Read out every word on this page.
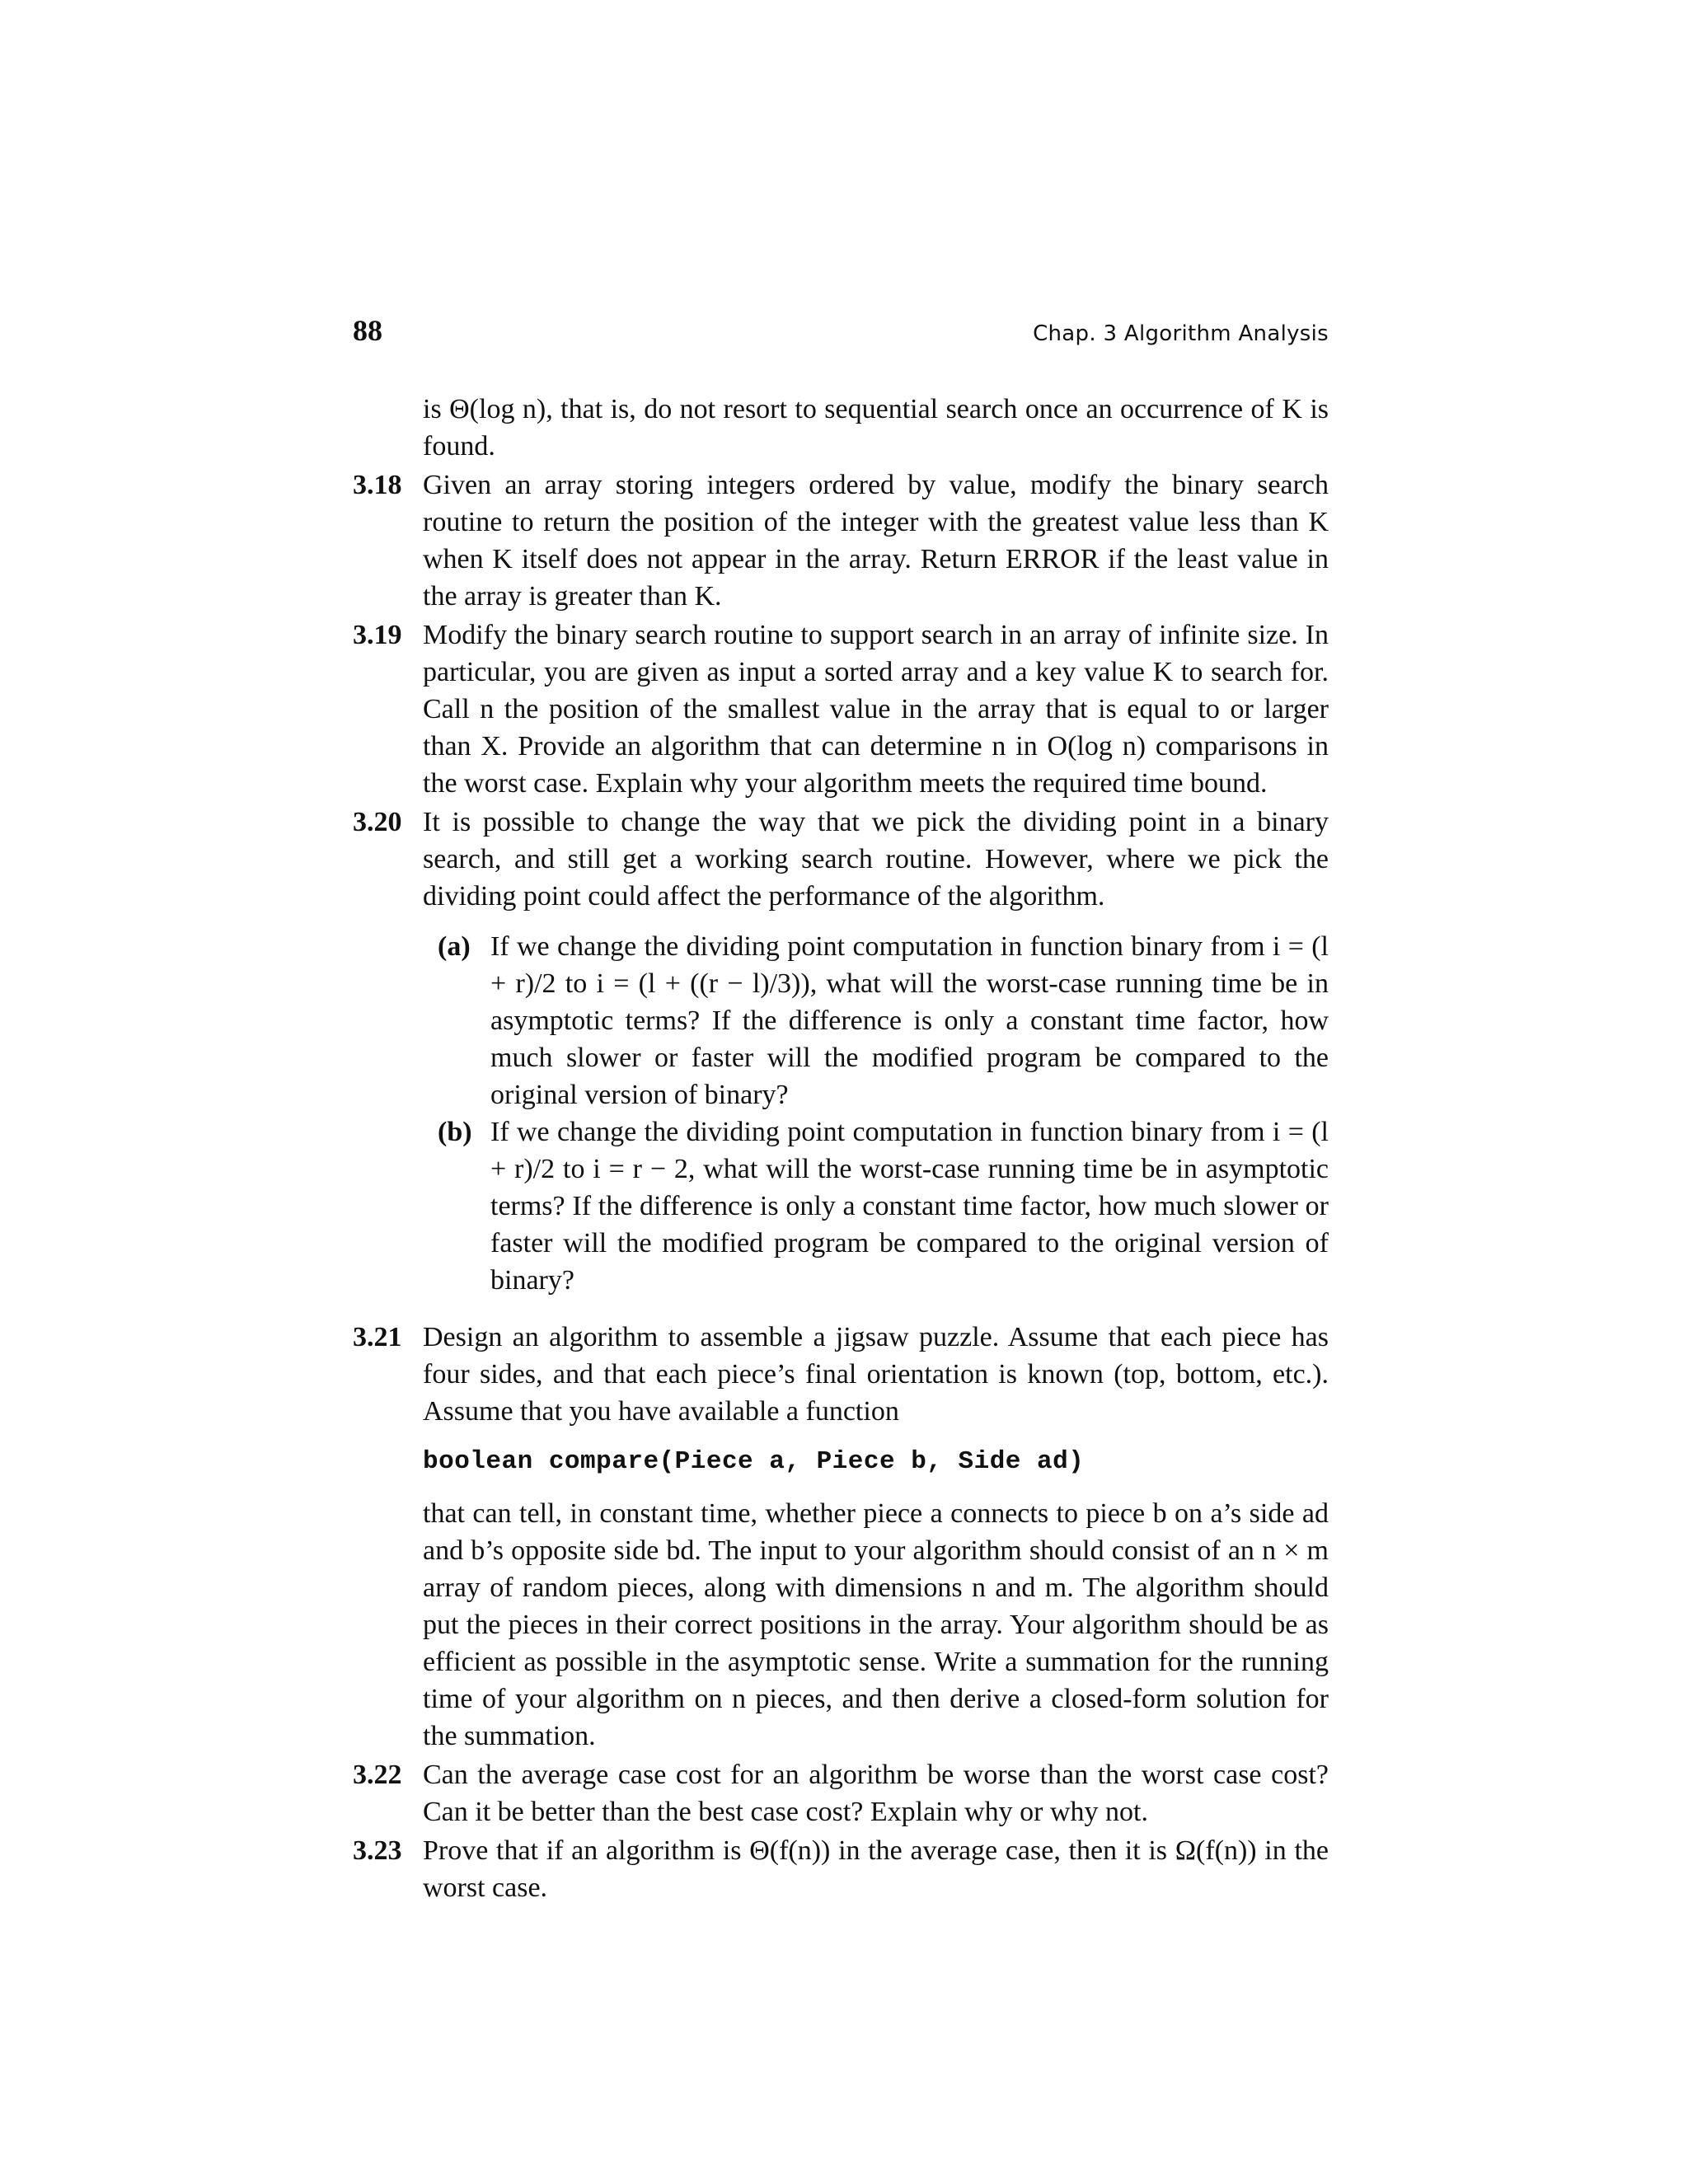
88	Chap. 3 Algorithm Analysis

is Θ(log n), that is, do not resort to sequential search once an occurrence of K is found.

3.18 Given an array storing integers ordered by value, modify the binary search routine to return the position of the integer with the greatest value less than K when K itself does not appear in the array. Return ERROR if the least value in the array is greater than K.

3.19 Modify the binary search routine to support search in an array of infinite size. In particular, you are given as input a sorted array and a key value K to search for. Call n the position of the smallest value in the array that is equal to or larger than X. Provide an algorithm that can determine n in O(log n) comparisons in the worst case. Explain why your algorithm meets the required time bound.

3.20 It is possible to change the way that we pick the dividing point in a binary search, and still get a working search routine. However, where we pick the dividing point could affect the performance of the algorithm.

(a) If we change the dividing point computation in function binary from i = (l + r)/2 to i = (l + ((r − l)/3)), what will the worst-case running time be in asymptotic terms? If the difference is only a constant time factor, how much slower or faster will the modified program be compared to the original version of binary?

(b) If we change the dividing point computation in function binary from i = (l + r)/2 to i = r − 2, what will the worst-case running time be in asymptotic terms? If the difference is only a constant time factor, how much slower or faster will the modified program be compared to the original version of binary?

3.21 Design an algorithm to assemble a jigsaw puzzle. Assume that each piece has four sides, and that each piece’s final orientation is known (top, bottom, etc.). Assume that you have available a function

boolean compare(Piece a, Piece b, Side ad)

that can tell, in constant time, whether piece a connects to piece b on a’s side ad and b’s opposite side bd. The input to your algorithm should consist of an n × m array of random pieces, along with dimensions n and m. The algorithm should put the pieces in their correct positions in the array. Your algorithm should be as efficient as possible in the asymptotic sense. Write a summation for the running time of your algorithm on n pieces, and then derive a closed-form solution for the summation.

3.22 Can the average case cost for an algorithm be worse than the worst case cost? Can it be better than the best case cost? Explain why or why not.

3.23 Prove that if an algorithm is Θ(f(n)) in the average case, then it is Ω(f(n)) in the worst case.
